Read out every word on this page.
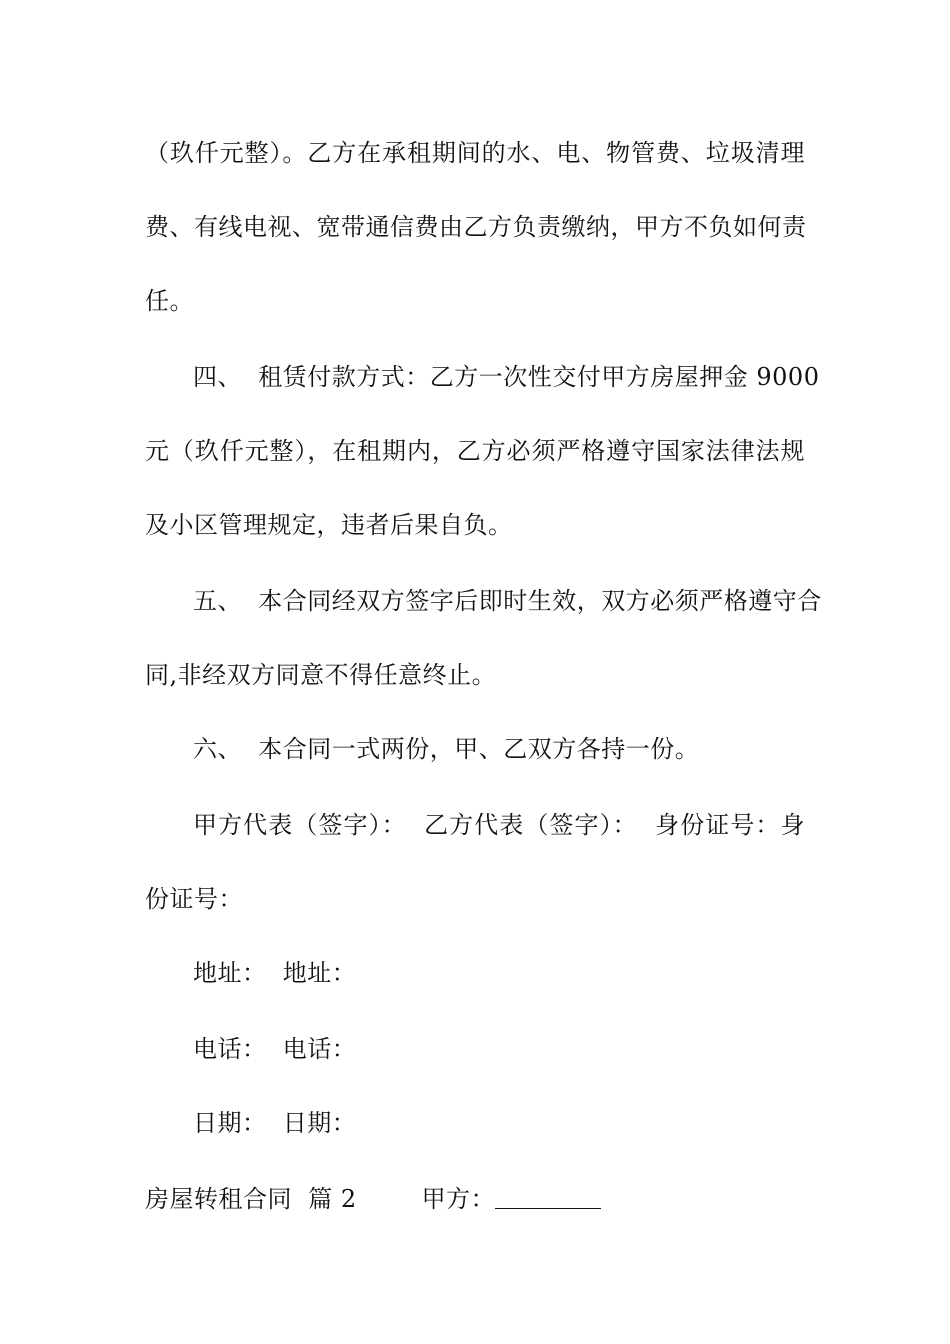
（玖仟元整）。乙方在承租期间的水、电、物管费、垃圾清理
费、有线电视、宽带通信费由乙方负责缴纳，甲方不负如何责
任。
四、  租赁付款方式：乙方一次性交付甲方房屋押金 9000
元（玖仟元整），在租期内，乙方必须严格遵守国家法律法规
及小区管理规定，违者后果自负。
五、  本合同经双方签字后即时生效，双方必须严格遵守合
同,非经双方同意不得任意终止。
六、  本合同一式两份，甲、乙双方各持一份。
甲方代表（签字）：  乙方代表（签字）：  身份证号：身
份证号：
地址：  地址：
电话：  电话：
日期：  日期：
房屋转租合同  篇 2        甲方：
